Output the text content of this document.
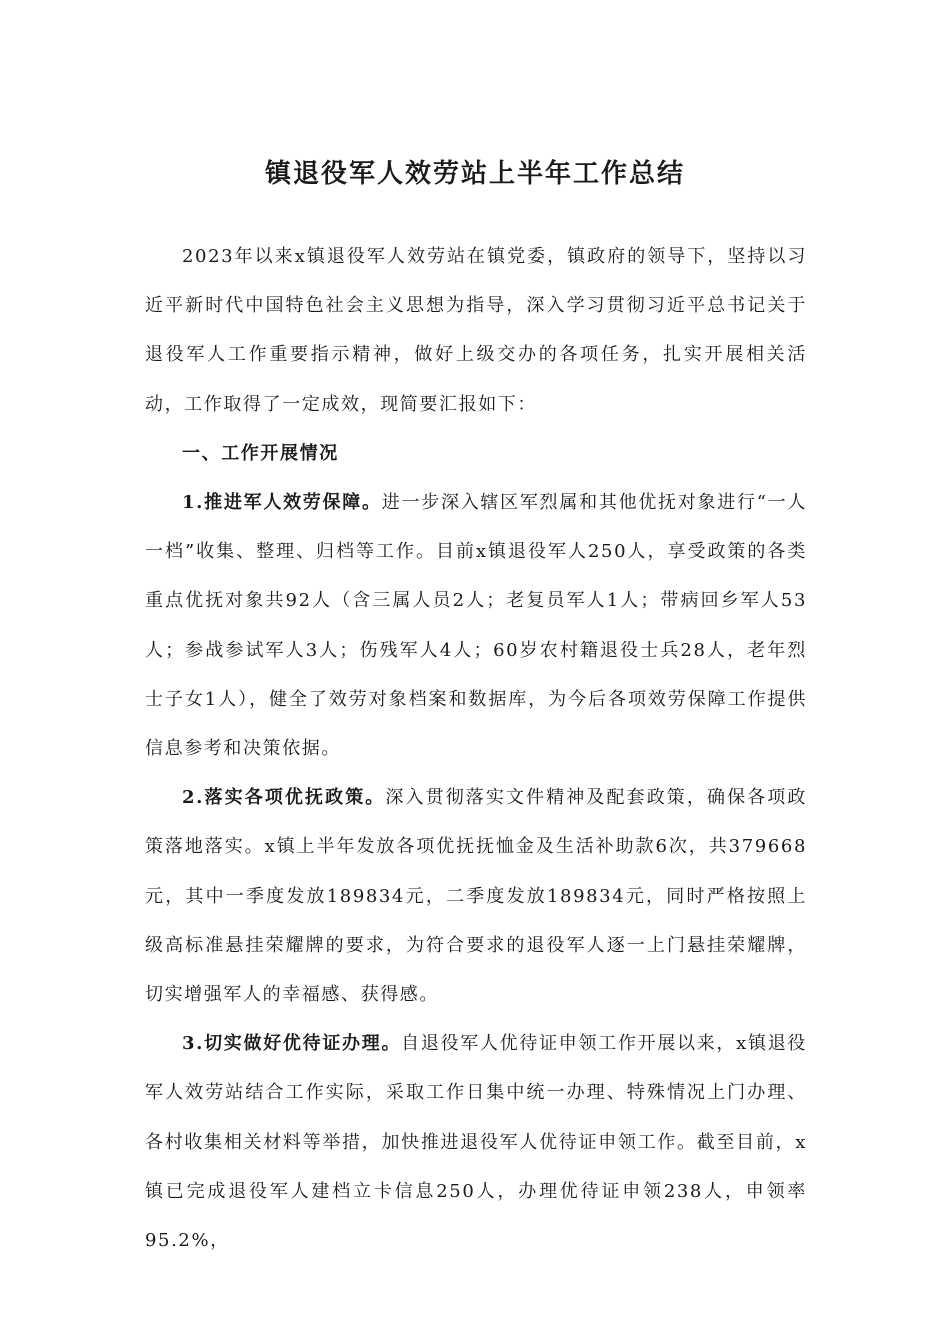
镇退役军人效劳站上半年工作总结

2023年以来x镇退役军人效劳站在镇党委，镇政府的领导下，坚持以习近平新时代中国特色社会主义思想为指导，深入学习贯彻习近平总书记关于退役军人工作重要指示精神，做好上级交办的各项任务，扎实开展相关活动，工作取得了一定成效，现简要汇报如下：

一、工作开展情况

1.推进军人效劳保障。进一步深入辖区军烈属和其他优抚对象进行“一人一档”收集、整理、归档等工作。目前x镇退役军人250人，享受政策的各类重点优抚对象共92人（含三属人员2人；老复员军人1人；带病回乡军人53人；参战参试军人3人；伤残军人4人；60岁农村籍退役士兵28人，老年烈士子女1人），健全了效劳对象档案和数据库，为今后各项效劳保障工作提供信息参考和决策依据。

2.落实各项优抚政策。深入贯彻落实文件精神及配套政策，确保各项政策落地落实。x镇上半年发放各项优抚抚恤金及生活补助款6次，共379668元，其中一季度发放189834元，二季度发放189834元，同时严格按照上级高标准悬挂荣耀牌的要求，为符合要求的退役军人逐一上门悬挂荣耀牌，切实增强军人的幸福感、获得感。

3.切实做好优待证办理。自退役军人优待证申领工作开展以来，x镇退役军人效劳站结合工作实际，采取工作日集中统一办理、特殊情况上门办理、各村收集相关材料等举措，加快推进退役军人优待证申领工作。截至目前，x镇已完成退役军人建档立卡信息250人，办理优待证申领238人，申领率95.2%，
